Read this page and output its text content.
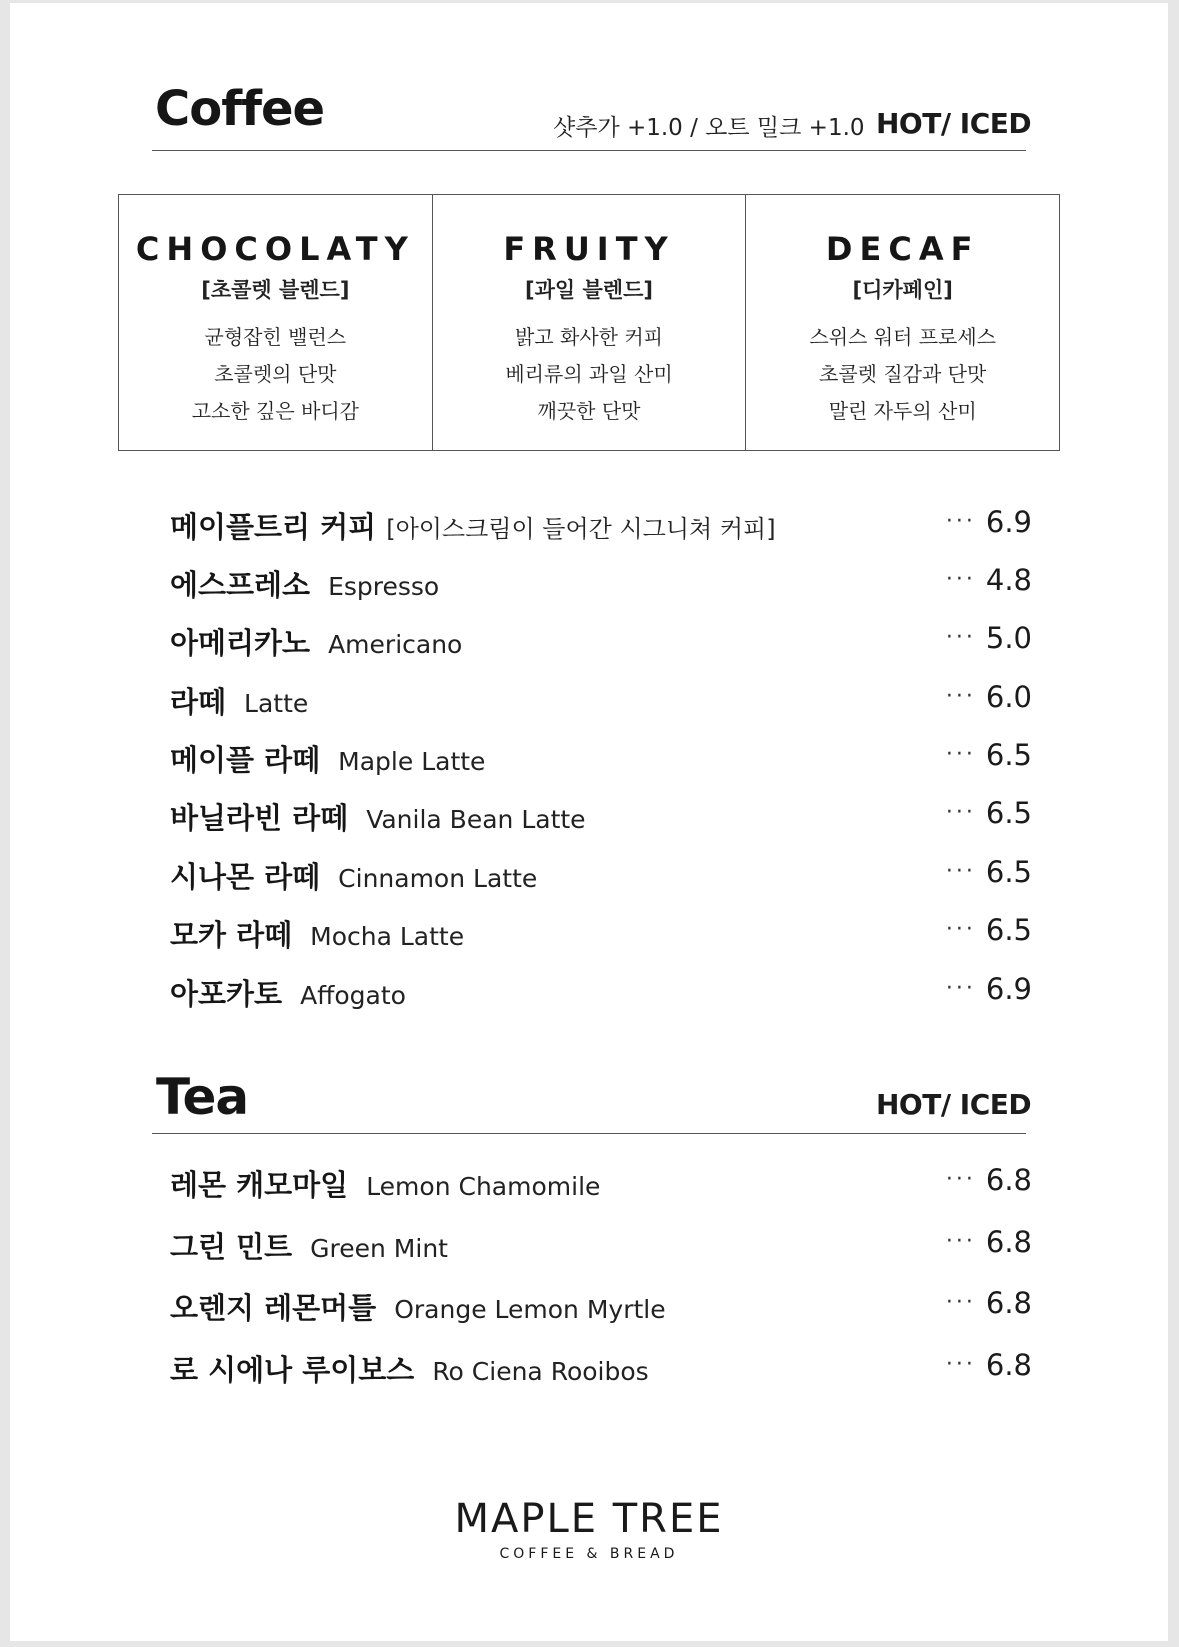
Coffee	샷추가 +1.0 / 오트 밀크 +1.0 HOT/ ICED
CHOCOLATY
[초콜렛 블렌드]
균형잡힌 밸런스
초콜렛의 단맛
고소한 깊은 바디감
FRUITY
[과일 블렌드]
밝고 화사한 커피
베리류의 과일 산미
깨끗한 단맛
DECAF
[디카페인]
스위스 워터 프로세스
초콜렛 질감과 단맛
말린 자두의 산미
메이플트리 커피 [아이스크림이 들어간 시그니쳐 커피]	··· 6.9
에스프레소 Espresso	··· 4.8
아메리카노 Americano	··· 5.0
라떼 Latte	··· 6.0
메이플 라떼 Maple Latte	··· 6.5
바닐라빈 라떼 Vanila Bean Latte	··· 6.5
시나몬 라떼 Cinnamon Latte	··· 6.5
모카 라떼 Mocha Latte	··· 6.5
아포카토 Affogato	··· 6.9
Tea	HOT/ ICED
레몬 캐모마일 Lemon Chamomile	··· 6.8
그린 민트 Green Mint	··· 6.8
오렌지 레몬머틀 Orange Lemon Myrtle	··· 6.8
로 시에나 루이보스 Ro Ciena Rooibos	··· 6.8
MAPLE TREE
COFFEE & BREAD
